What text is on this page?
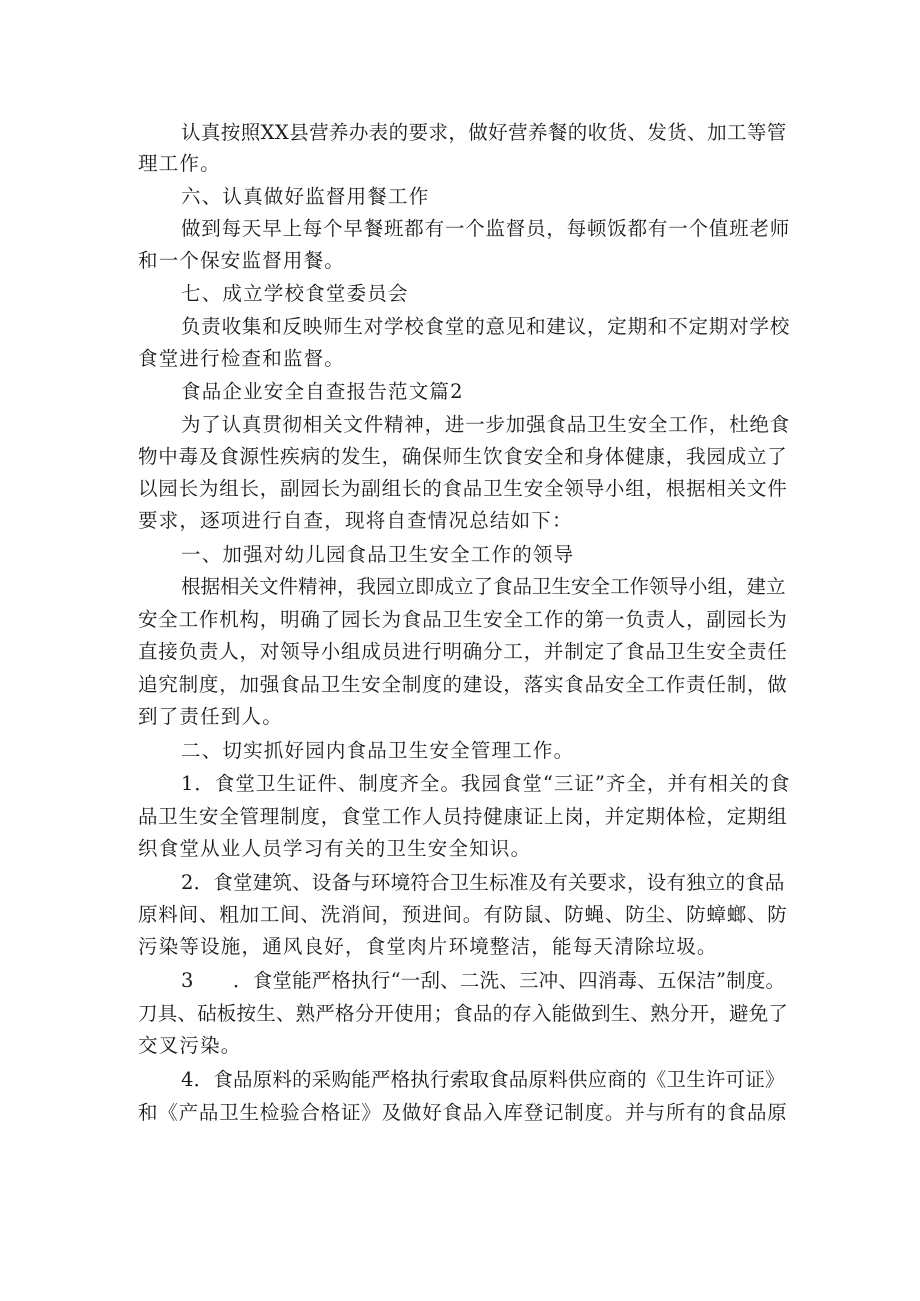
认真按照XX县营养办表的要求，做好营养餐的收货、发货、加工等管
理工作。
六、认真做好监督用餐工作
做到每天早上每个早餐班都有一个监督员，每顿饭都有一个值班老师
和一个保安监督用餐。
七、成立学校食堂委员会
负责收集和反映师生对学校食堂的意见和建议，定期和不定期对学校
食堂进行检查和监督。
食品企业安全自查报告范文篇2
为了认真贯彻相关文件精神，进一步加强食品卫生安全工作，杜绝食
物中毒及食源性疾病的发生，确保师生饮食安全和身体健康，我园成立了
以园长为组长，副园长为副组长的食品卫生安全领导小组，根据相关文件
要求，逐项进行自查，现将自查情况总结如下：
一、加强对幼儿园食品卫生安全工作的领导
根据相关文件精神，我园立即成立了食品卫生安全工作领导小组，建立
安全工作机构，明确了园长为食品卫生安全工作的第一负责人，副园长为
直接负责人，对领导小组成员进行明确分工，并制定了食品卫生安全责任
追究制度，加强食品卫生安全制度的建设，落实食品安全工作责任制，做
到了责任到人。
二、切实抓好园内食品卫生安全管理工作。
1．食堂卫生证件、制度齐全。我园食堂“三证”齐全，并有相关的食
品卫生安全管理制度，食堂工作人员持健康证上岗，并定期体检，定期组
织食堂从业人员学习有关的卫生安全知识。
2．食堂建筑、设备与环境符合卫生标准及有关要求，设有独立的食品
原料间、粗加工间、洗消间，预进间。有防鼠、防蝇、防尘、防蟑螂、防
污染等设施，通风良好，食堂肉片环境整洁，能每天清除垃圾。
3　　．食堂能严格执行“一刮、二洗、三冲、四消毒、五保洁”制度。
刀具、砧板按生、熟严格分开使用；食品的存入能做到生、熟分开，避免了
交叉污染。
4．食品原料的采购能严格执行索取食品原料供应商的《卫生许可证》
和《产品卫生检验合格证》及做好食品入库登记制度。并与所有的食品原
